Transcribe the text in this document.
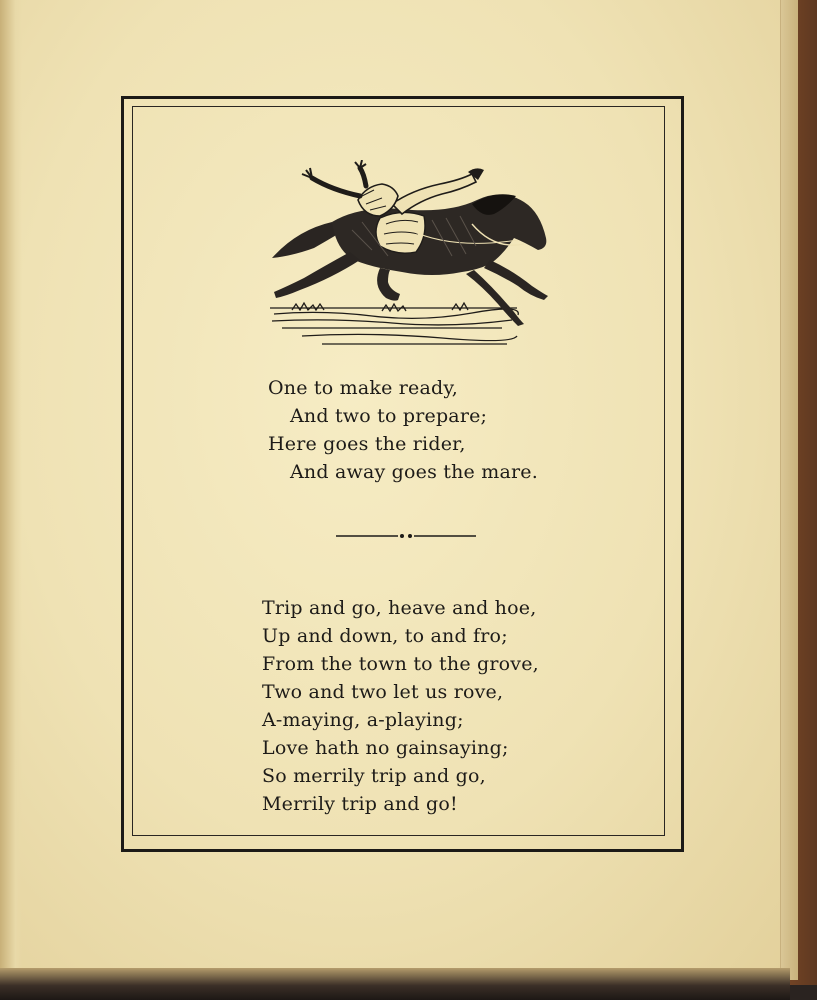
One to make ready,
And two to prepare;
Here goes the rider,
And away goes the mare.
Trip and go, heave and hoe,
Up and down, to and fro;
From the town to the grove,
Two and two let us rove,
A-maying, a-playing;
Love hath no gainsaying;
So merrily trip and go,
Merrily trip and go!
